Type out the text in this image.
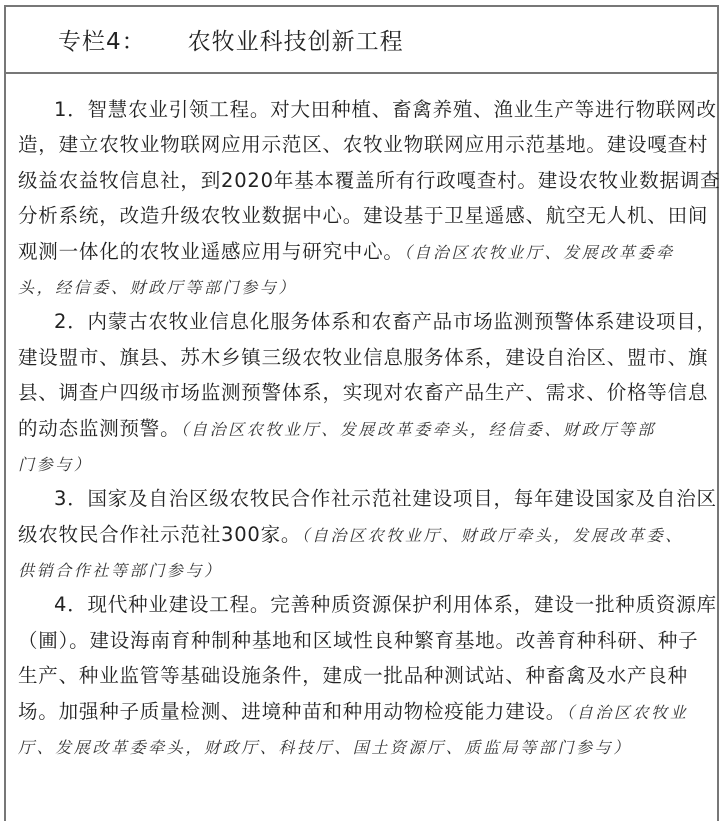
专栏4： 农牧业科技创新工程
1．智慧农业引领工程。对大田种植、畜禽养殖、渔业生产等进行物联网改
造，建立农牧业物联网应用示范区、农牧业物联网应用示范基地。建设嘎查村
级益农益牧信息社，到2020年基本覆盖所有行政嘎查村。建设农牧业数据调查
分析系统，改造升级农牧业数据中心。建设基于卫星遥感、航空无人机、田间
观测一体化的农牧业遥感应用与研究中心。（自治区农牧业厅、发展改革委牵
头，经信委、财政厅等部门参与）
2．内蒙古农牧业信息化服务体系和农畜产品市场监测预警体系建设项目，
建设盟市、旗县、苏木乡镇三级农牧业信息服务体系，建设自治区、盟市、旗
县、调查户四级市场监测预警体系，实现对农畜产品生产、需求、价格等信息
的动态监测预警。（自治区农牧业厅、发展改革委牵头，经信委、财政厅等部
门参与）
3．国家及自治区级农牧民合作社示范社建设项目，每年建设国家及自治区
级农牧民合作社示范社300家。（自治区农牧业厅、财政厅牵头，发展改革委、
供销合作社等部门参与）
4．现代种业建设工程。完善种质资源保护利用体系，建设一批种质资源库
（圃）。建设海南育种制种基地和区域性良种繁育基地。改善育种科研、种子
生产、种业监管等基础设施条件，建成一批品种测试站、种畜禽及水产良种
场。加强种子质量检测、进境种苗和种用动物检疫能力建设。（自治区农牧业
厅、发展改革委牵头，财政厅、科技厅、国土资源厅、质监局等部门参与）
